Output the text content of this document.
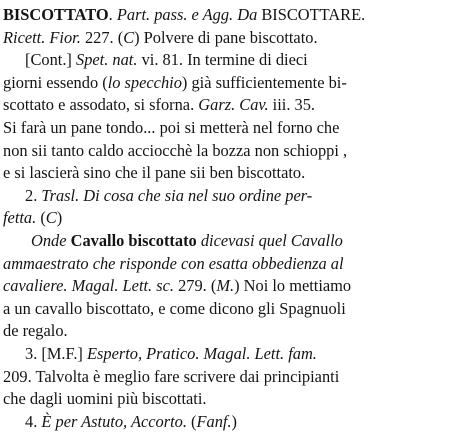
BISCOTTATO. Part. pass. e Agg. Da BISCOTTARE.
Ricett. Fior. 227. (C) Polvere di pane biscottato.
[Cont.] Spet. nat. vi. 81. In termine di dieci
giorni essendo (lo specchio) già sufficientemente bi-
scottato e assodato, si sforna. Garz. Cav. iii. 35.
Si farà un pane tondo... poi si metterà nel forno che
non sii tanto caldo acciocchè la bozza non schioppi ,
e si lascierà sino che il pane sii ben biscottato.
2. Trasl. Di cosa che sia nel suo ordine per-
fetta. (C)
Onde Cavallo biscottato dicevasi quel Cavallo
ammaestrato che risponde con esatta obbedienza al
cavaliere. Magal. Lett. sc. 279. (M.) Noi lo mettiamo
a un cavallo biscottato, e come dicono gli Spagnuoli
de regalo.
3. [M.F.] Esperto, Pratico. Magal. Lett. fam.
209. Talvolta è meglio fare scrivere dai principianti
che dagli uomini più biscottati.
4. È per Astuto, Accorto. (Fanf.)
